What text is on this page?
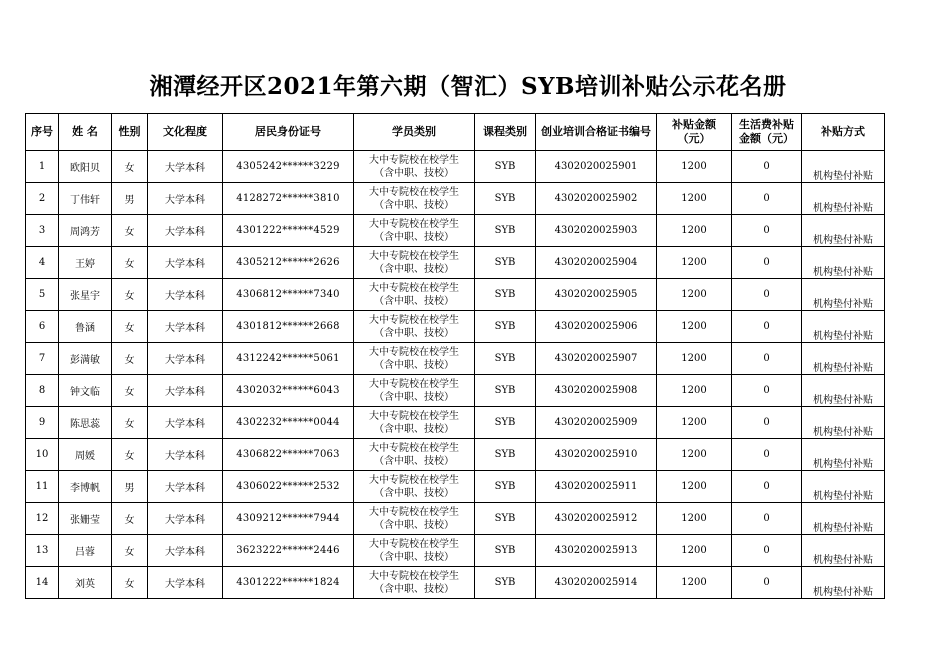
湘潭经开区2021年第六期（智汇）SYB培训补贴公示花名册
序号	姓 名	性别	文化程度	居民身份证号	学员类别	课程类别	创业培训合格证书编号	补贴金额（元）	生活费补贴金额（元）	补贴方式
1	欧阳贝	女	大学本科	4305242******3229	大中专院校在校学生
（含中职、技校）	SYB	4302020025901	1200	0	机构垫付补贴
2	丁伟轩	男	大学本科	4128272******3810	大中专院校在校学生
（含中职、技校）	SYB	4302020025902	1200	0	机构垫付补贴
3	周鸿芳	女	大学本科	4301222******4529	大中专院校在校学生
（含中职、技校）	SYB	4302020025903	1200	0	机构垫付补贴
4	王婷	女	大学本科	4305212******2626	大中专院校在校学生
（含中职、技校）	SYB	4302020025904	1200	0	机构垫付补贴
5	张星宇	女	大学本科	4306812******7340	大中专院校在校学生
（含中职、技校）	SYB	4302020025905	1200	0	机构垫付补贴
6	鲁涵	女	大学本科	4301812******2668	大中专院校在校学生
（含中职、技校）	SYB	4302020025906	1200	0	机构垫付补贴
7	彭满敏	女	大学本科	4312242******5061	大中专院校在校学生
（含中职、技校）	SYB	4302020025907	1200	0	机构垫付补贴
8	钟文临	女	大学本科	4302032******6043	大中专院校在校学生
（含中职、技校）	SYB	4302020025908	1200	0	机构垫付补贴
9	陈思蕊	女	大学本科	4302232******0044	大中专院校在校学生
（含中职、技校）	SYB	4302020025909	1200	0	机构垫付补贴
10	周媛	女	大学本科	4306822******7063	大中专院校在校学生
（含中职、技校）	SYB	4302020025910	1200	0	机构垫付补贴
11	李博帆	男	大学本科	4306022******2532	大中专院校在校学生
（含中职、技校）	SYB	4302020025911	1200	0	机构垫付补贴
12	张姗莹	女	大学本科	4309212******7944	大中专院校在校学生
（含中职、技校）	SYB	4302020025912	1200	0	机构垫付补贴
13	吕蓉	女	大学本科	3623222******2446	大中专院校在校学生
（含中职、技校）	SYB	4302020025913	1200	0	机构垫付补贴
14	刘英	女	大学本科	4301222******1824	大中专院校在校学生
（含中职、技校）	SYB	4302020025914	1200	0	机构垫付补贴
